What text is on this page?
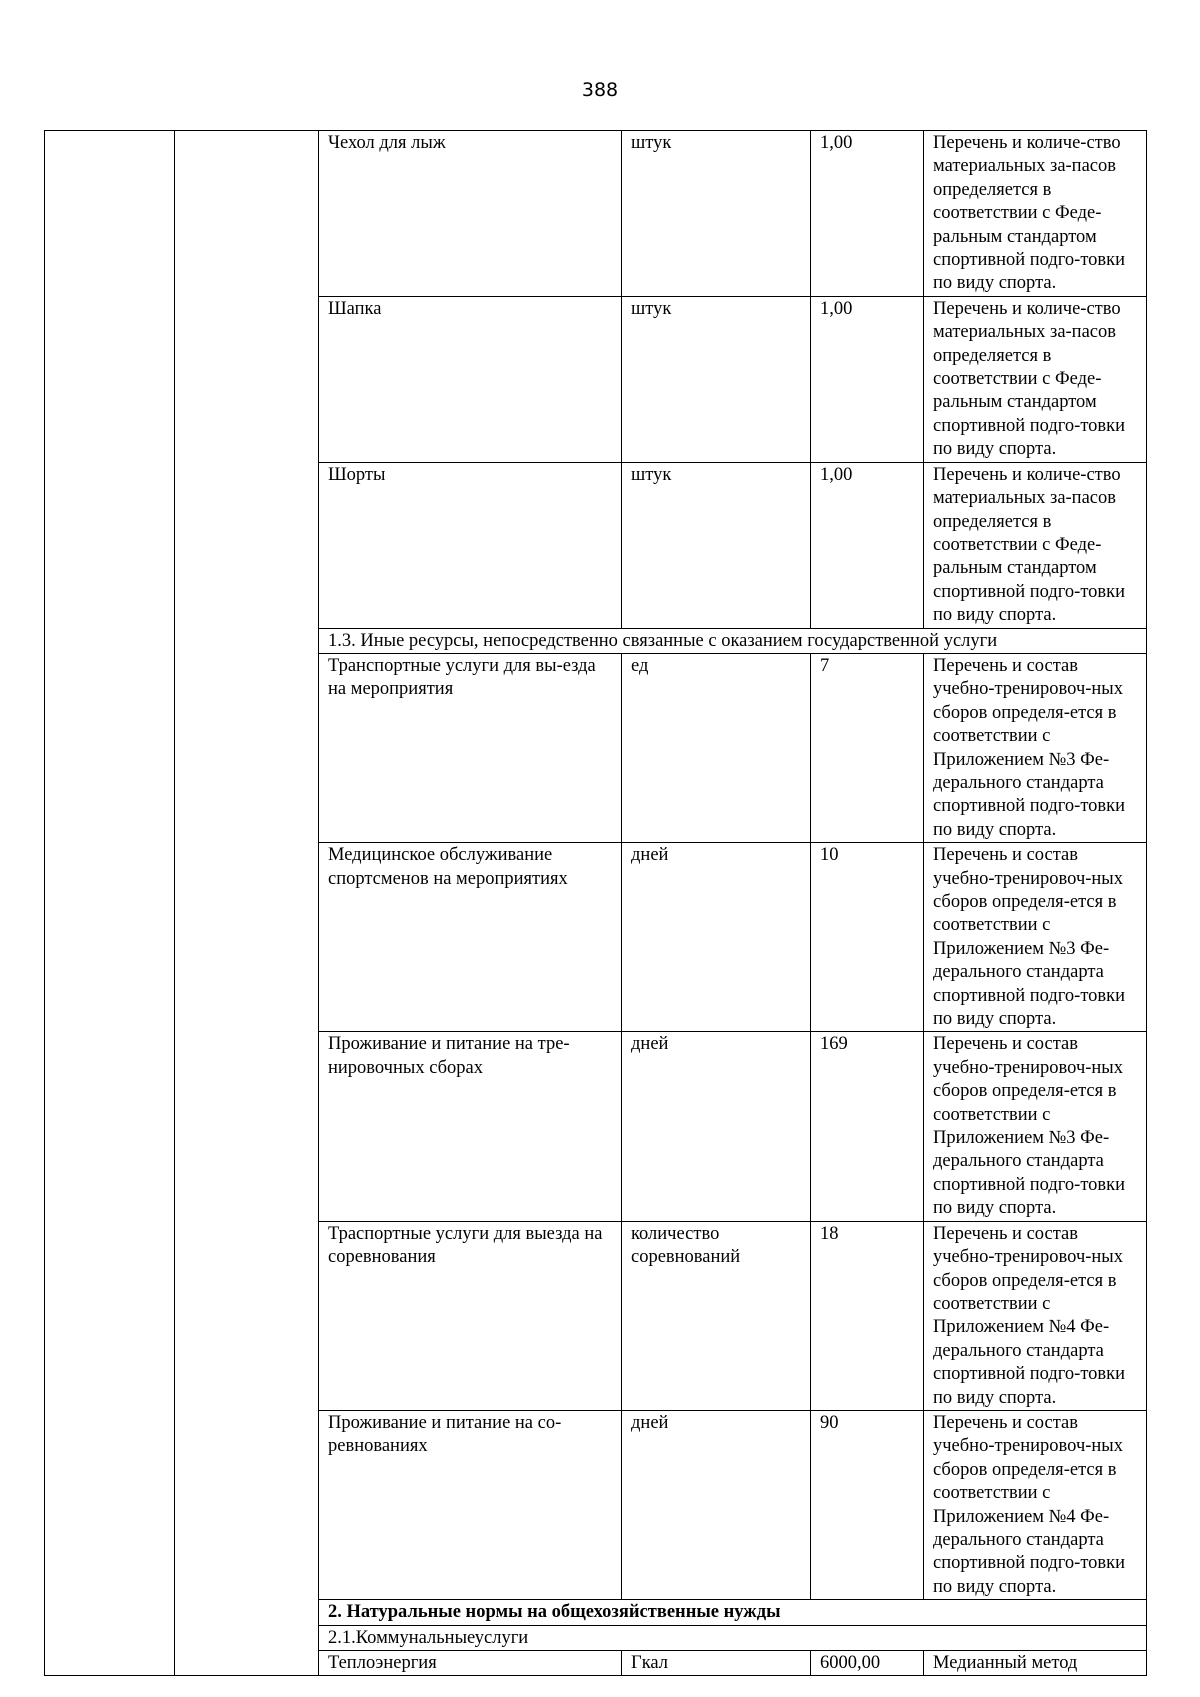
388
		Чехол для лыж	штук	1,00	Перечень и количе-ство материальных за-пасов определяется в соответствии с Феде-ральным стандартом спортивной подго-товки по виду спорта.
		Шапка	штук	1,00	Перечень и количе-ство материальных за-пасов определяется в соответствии с Феде-ральным стандартом спортивной подго-товки по виду спорта.
		Шорты	штук	1,00	Перечень и количе-ство материальных за-пасов определяется в соответствии с Феде-ральным стандартом спортивной подго-товки по виду спорта.
		1.3. Иные ресурсы, непосредственно связанные с оказанием государственной услуги			
		Транспортные услуги для вы-езда на мероприятия	ед	7	Перечень и состав учебно-тренировоч-ных сборов определя-ется в соответствии с Приложением №3 Фе-дерального стандарта спортивной подго-товки по виду спорта.
		Медицинское обслуживание спортсменов на мероприятиях	дней	10	Перечень и состав учебно-тренировоч-ных сборов определя-ется в соответствии с Приложением №3 Фе-дерального стандарта спортивной подго-товки по виду спорта.
		Проживание и питание на тре-нировочных сборах	дней	169	Перечень и состав учебно-тренировоч-ных сборов определя-ется в соответствии с Приложением №3 Фе-дерального стандарта спортивной подго-товки по виду спорта.
		Траспортные услуги для выезда на соревнования	количество соревнований	18	Перечень и состав учебно-тренировоч-ных сборов определя-ется в соответствии с Приложением №4 Фе-дерального стандарта спортивной подго-товки по виду спорта.
		Проживание и питание на со-ревнованиях	дней	90	Перечень и состав учебно-тренировоч-ных сборов определя-ется в соответствии с Приложением №4 Фе-дерального стандарта спортивной подго-товки по виду спорта.
		2. Натуральные нормы на общехозяйственные нужды			
		2.1.Коммунальныеуслуги			
		Теплоэнергия	Гкал	6000,00	Медианный метод
